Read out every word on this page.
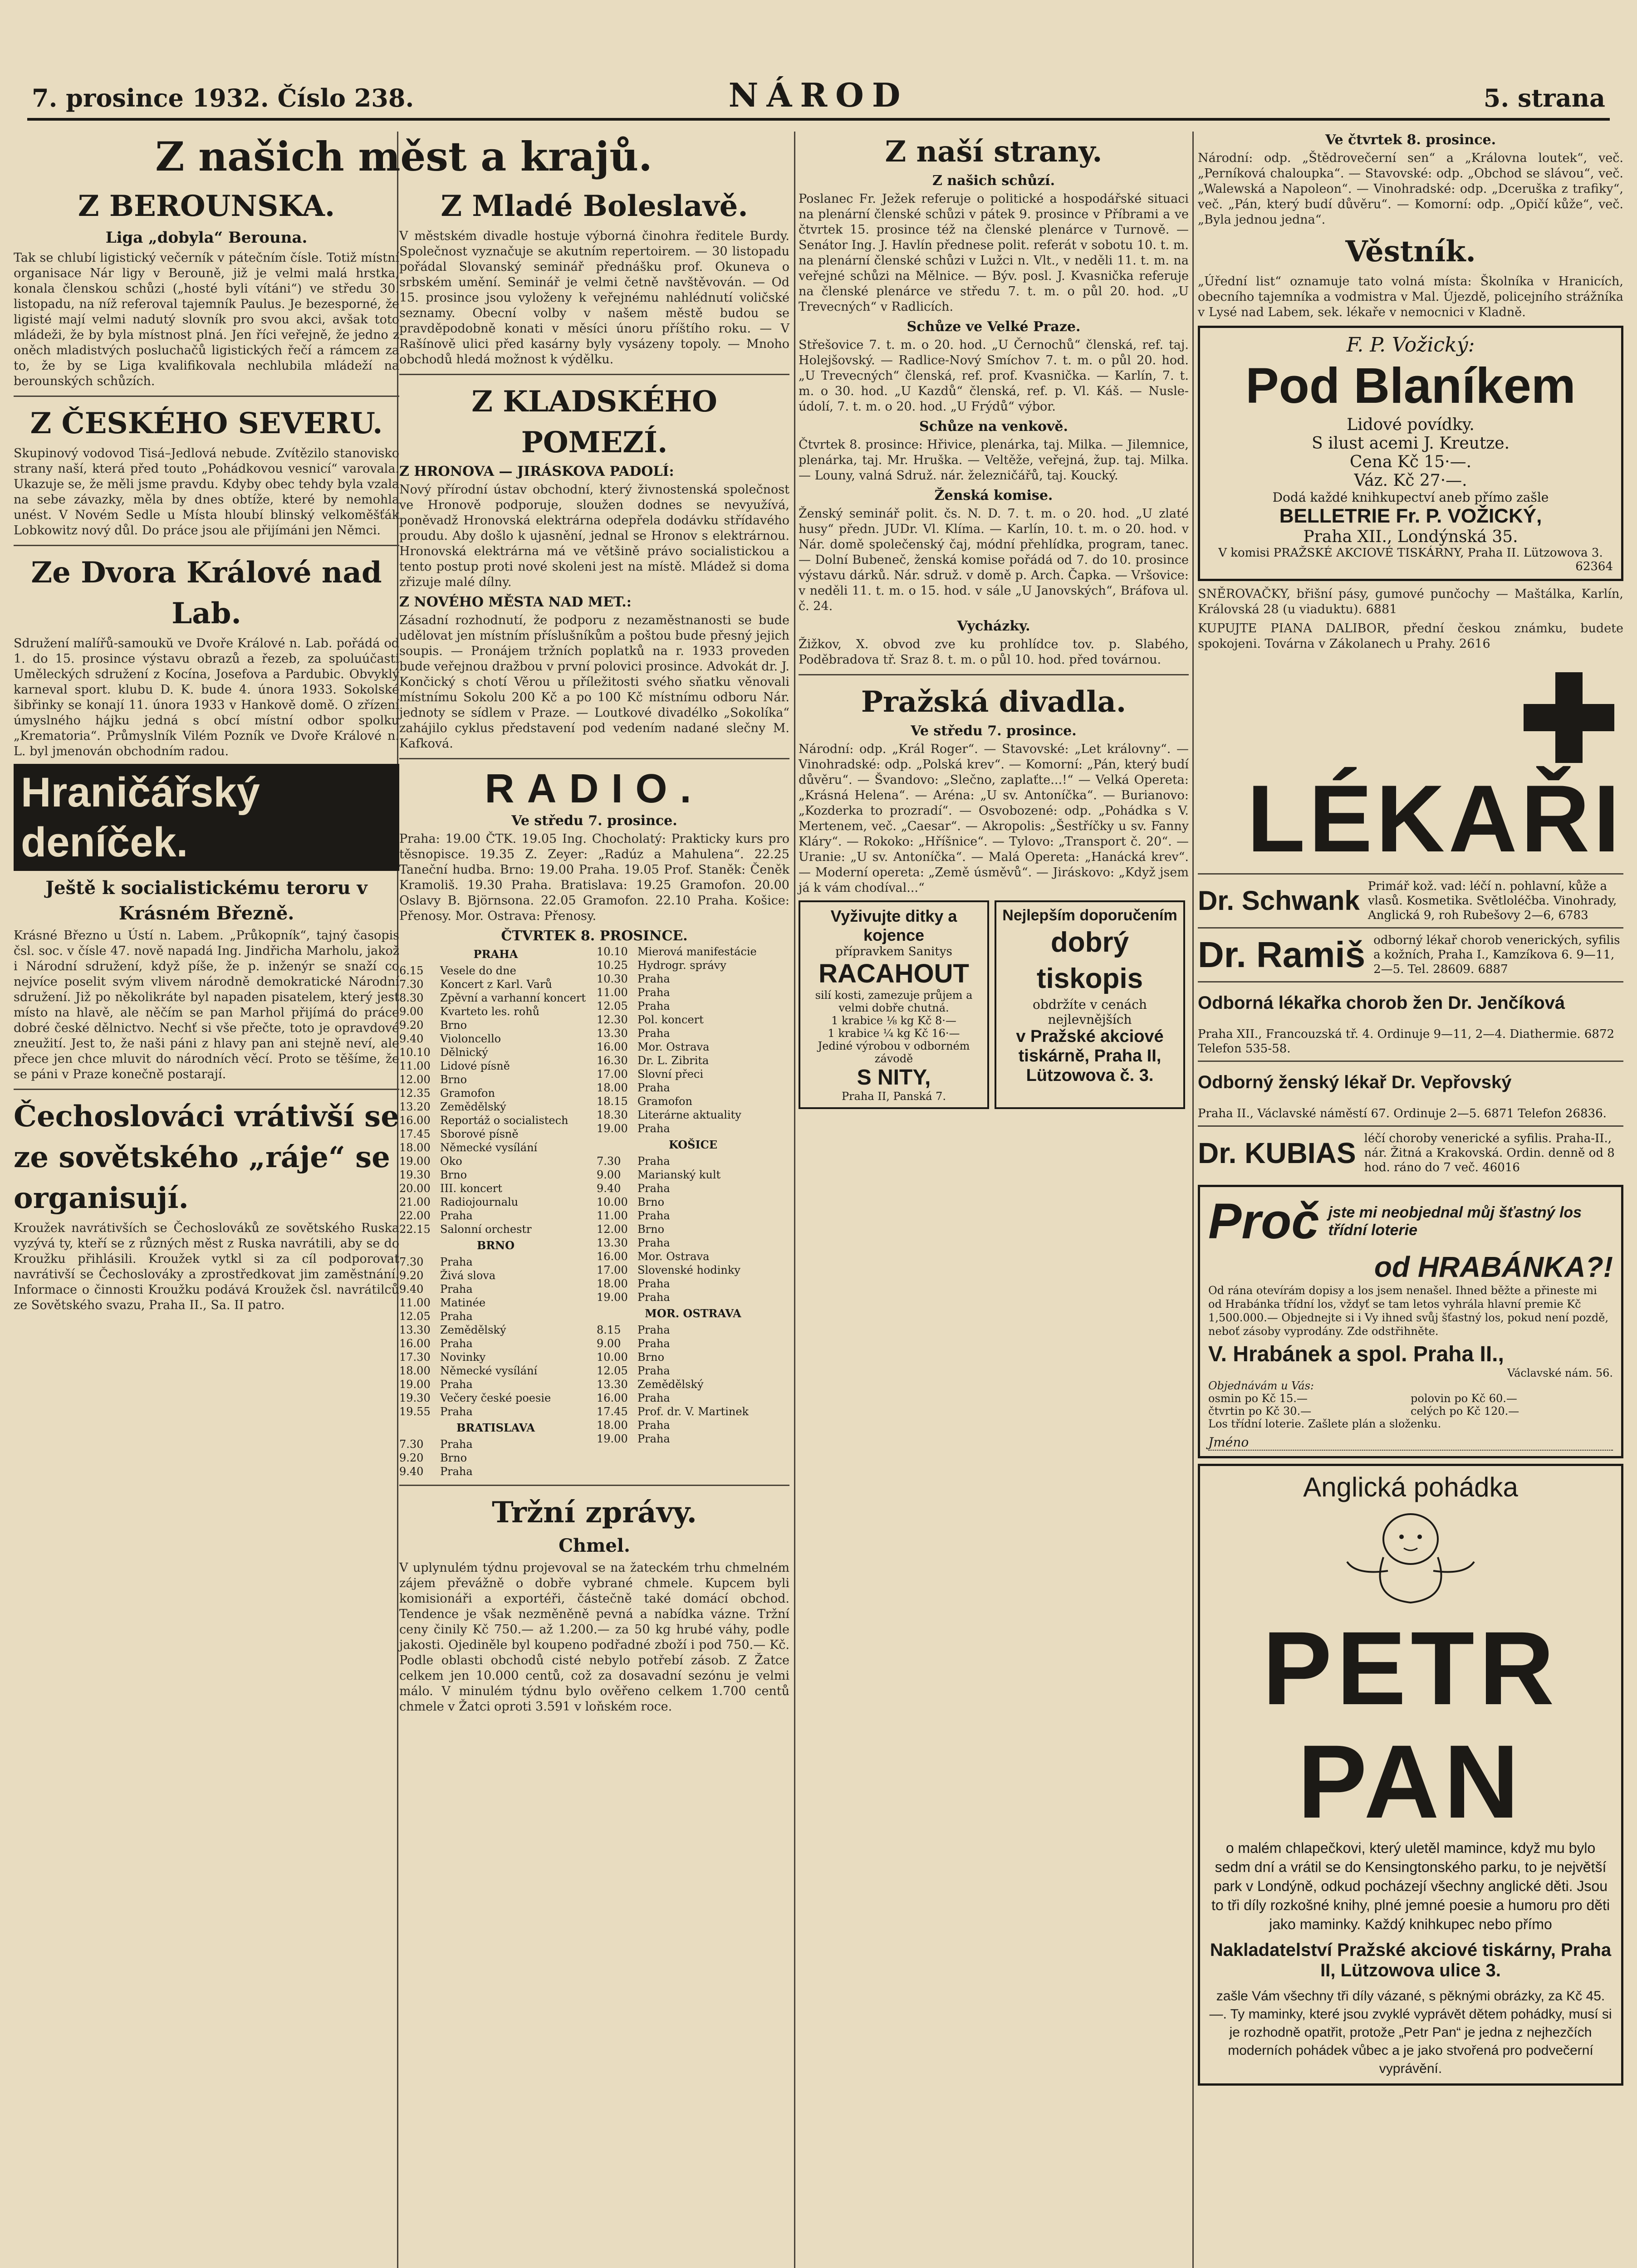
7. prosince 1932. Číslo 238.	NÁROD	5. strana
Z našich měst a krajů.
Z BEROUNSKA.
Liga „dobyla“ Berouna.
Tak se chlubí ligistický večerník v pátečním čísle. Totiž místní organisace Nár ligy v Berouně, již je velmi malá hrstka, konala členskou schůzi („hosté byli vítáni“) ve středu 30. listopadu, na níž referoval tajemník Paulus. Je bezesporné, že ligisté mají velmi nadutý slovník pro svou akci, avšak toto mládeži, že by byla místnost plná. Jen říci veřejně, že jedno z oněch mladistvých posluchačů ligistických řečí a rámcem za to, že by se Liga kvalifikovala nechlubila mládeží na berounských schůzích.
Z ČESKÉHO SEVERU.
Skupinový vodovod Tisá–Jedlová nebude. Zvítězilo stanovisko strany naší, která před touto „Pohádkovou vesnicí“ varovala. Ukazuje se, že měli jsme pravdu. Kdyby obec tehdy byla vzala na sebe závazky, měla by dnes obtíže, které by nemohla unést. V Novém Sedle u Místa hloubí blinský velkoměšťák Lobkowitz nový důl. Do práce jsou ale přijímáni jen Němci.
Ze Dvora Králové nad Lab.
Sdružení malířů-samoukŭ ve Dvoře Králové n. Lab. pořádá od 1. do 15. prosince výstavu obrazů a řezeb, za spoluúčasti Uměleckých sdružení z Kocína, Josefova a Pardubic. Obvyklý karneval sport. klubu D. K. bude 4. února 1933. Sokolské šibřinky se konají 11. února 1933 v Hankově domě. O zřízení úmyslného hájku jedná s obcí místní odbor spolku „Krematoria“. Průmyslník Vilém Pozník ve Dvoře Králové n. L. byl jmenován obchodním radou.
Hraničářský deníček.
Ještě k socialistickému teroru v Krásném Březně.
Krásné Březno u Ústí n. Labem. „Průkopník“, tajný časopis čsl. soc. v čísle 47. nově napadá Ing. Jindřicha Marholu, jakož i Národní sdružení, když píše, že p. inženýr se snaží co nejvíce poselit svým vlivem národně demokratické Národní sdružení. Již po několikráte byl napaden pisatelem, který jest místo na hlavě, ale něčím se pan Marhol přijímá do práce dobré české dělnictvo. Nechť si vše přečte, toto je opravdové zneužití. Jest to, že naši páni z hlavy pan ani stejně neví, ale přece jen chce mluvit do národních věcí. Proto se těšíme, že se páni v Praze konečně postarají.
Čechoslováci vrátivší se ze sovětského „ráje“ se organisují.
Kroužek navrátivších se Čechoslováků ze sovětského Ruska vyzývá ty, kteří se z různých měst z Ruska navrátili, aby se do Kroužku přihlásili. Kroužek vytkl si za cíl podporovat navrátivší se Čechoslováky a zprostředkovat jim zaměstnání. Informace o činnosti Kroužku podává Kroužek čsl. navrátilců ze Sovětského svazu, Praha II., Sa. II patro.
Z Mladé Boleslavě.
V městském divadle hostuje výborná činohra ředitele Burdy. Společnost vyznačuje se akutním repertoirem. — 30 listopadu pořádal Slovanský seminář přednášku prof. Okuneva o srbském umění. Seminář je velmi četně navštěvován. — Od 15. prosince jsou vyloženy k veřejnému nahlédnutí voličské seznamy. Obecní volby v našem městě budou se pravděpodobně konati v měsíci únoru příštího roku. — V Rašínově ulici před kasárny byly vysázeny topoly. — Mnoho obchodů hledá možnost k výdělku.
Z KLADSKÉHO POMEZÍ.
Z HRONOVA — JIRÁSKOVA PADOLÍ:
Nový přírodní ústav obchodní, který živnostenská společnost ve Hronově podporuje, sloužen dodnes se nevyužívá, poněvadž Hronovská elektrárna odepřela dodávku střídavého proudu. Aby došlo k ujasnění, jednal se Hronov s elektrárnou. Hronovská elektrárna má ve většině právo socialistickou a tento postup proti nové skoleni jest na místě. Mládež si doma zřizuje malé dílny.
Z NOVÉHO MĚSTA NAD MET.:
Zásadní rozhodnutí, že podporu z nezaměstnanosti se bude udělovat jen místním příslušníkům a poštou bude přesný jejich soupis. — Pronájem tržních poplatků na r. 1933 proveden bude veřejnou dražbou v první polovici prosince. Advokát dr. J. Končický s chotí Věrou u příležitosti svého sňatku věnovali místnímu Sokolu 200 Kč a po 100 Kč místnímu odboru Nár. jednoty se sídlem v Praze. — Loutkové divadélko „Sokolíka“ zahájilo cyklus představení pod vedením nadané slečny M. Kafková.
RADIO.
Ve středu 7. prosince.
Praha: 19.00 ČTK. 19.05 Ing. Chocholatý: Prakticky kurs pro těsnopisce. 19.35 Z. Zeyer: „Radúz a Mahulena“. 22.25 Taneční hudba. Brno: 19.00 Praha. 19.05 Prof. Staněk: Čeněk Kramoliš. 19.30 Praha. Bratislava: 19.25 Gramofon. 20.00 Oslavy B. Björnsona. 22.05 Gramofon. 22.10 Praha. Košice: Přenosy. Mor. Ostrava: Přenosy.
ČTVRTEK 8. PROSINCE.
PRAHA
6.15	Vesele do dne
7.30	Koncert z Karl. Varů
8.30	Zpěvní a varhanní koncert
9.00	Kvarteto les. rohů
9.20	Brno
9.40	Violoncello
10.10 Dělnický
11.00 Lidové písně
12.00 Brno
12.35 Gramofon
13.20 Zemědělský
16.00 Reportáž o socialistech
17.45 Sborové písně
18.00 Německé vysílání
19.00 Oko
19.30 Brno
20.00 III. koncert
21.00 Radiojournalu
22.00 Praha
22.15 Salonní orchestr
BRNO
7.30	Praha
9.20	Živá slova
9.40	Praha
11.00 Matinée
12.05 Praha
13.30 Zemědělský
16.00 Praha
17.30 Novinky
18.00 Německé vysílání
19.00 Praha
19.30 Večery české poesie
19.55 Praha
BRATISLAVA
7.30	Praha
9.20	Brno
9.40	Praha
10.10 Mierová manifestácie
10.25 Hydrogr. správy
10.30 Praha
11.00 Praha
12.05 Praha
12.30 Pol. koncert
13.30 Praha
16.00 Mor. Ostrava
16.30 Dr. L. Zibrita
17.00 Slovní přeci
18.00 Praha
18.15 Gramofon
18.30 Literárne aktuality
19.00 Praha
KOŠICE
7.30	Praha
9.00	Marianský kult
9.40	Praha
10.00 Brno
11.00 Praha
12.00 Brno
13.30 Praha
16.00 Mor. Ostrava
17.00 Slovenské hodinky
18.00 Praha
19.00 Praha
MOR. OSTRAVA
8.15	Praha
9.00	Praha
10.00 Brno
12.05 Praha
13.30 Zemědělský
16.00 Praha
17.45 Prof. dr. V. Martinek
18.00 Praha
19.00 Praha
Tržní zprávy.
Chmel.
V uplynulém týdnu projevoval se na žateckém trhu chmelném zájem převážně o dobře vybrané chmele. Kupcem byli komisionáři a exportéři, částečně také domácí obchod. Tendence je však nezměněně pevná a nabídka vázne. Tržní ceny činily Kč 750.— až 1.200.— za 50 kg hrubé váhy, podle jakosti. Ojediněle byl koupeno podřadné zboží i pod 750.— Kč. Podle oblasti obchodů cisté nebylo potřebí zásob. Z Žatce celkem jen 10.000 centů, což za dosavadní sezónu je velmi málo. V minulém týdnu bylo ověřeno celkem 1.700 centů chmele v Žatci oproti 3.591 v loňském roce.
Z naší strany.
Z našich schůzí.
Poslanec Fr. Ježek referuje o politické a hospodářské situaci na plenární členské schůzi v pátek 9. prosince v Příbrami a ve čtvrtek 15. prosince též na členské plenárce v Turnově. — Senátor Ing. J. Havlín přednese polit. referát v sobotu 10. t. m. na plenární členské schůzi v Lužci n. Vlt., v neděli 11. t. m. na veřejné schůzi na Mělnice. — Býv. posl. J. Kvasnička referuje na členské plenárce ve středu 7. t. m. o půl 20. hod. „U Trevecných“ v Radlicích.
Schůze ve Velké Praze.
Střešovice 7. t. m. o 20. hod. „U Černochů“ členská, ref. taj. Holejšovský. — Radlice-Nový Smíchov 7. t. m. o půl 20. hod. „U Trevecných“ členská, ref. prof. Kvasnička. — Karlín, 7. t. m. o 30. hod. „U Kazdů“ členská, ref. p. Vl. Káš. — Nusle-údolí, 7. t. m. o 20. hod. „U Frýdů“ výbor.
Schůze na venkově.
Čtvrtek 8. prosince: Hřivice, plenárka, taj. Milka. — Jilemnice, plenárka, taj. Mr. Hruška. — Veltěže, veřejná, žup. taj. Milka. — Louny, valná Sdruž. nár. železničářů, taj. Koucký.
Ženská komise.
Ženský seminář polit. čs. N. D. 7. t. m. o 20. hod. „U zlaté husy“ předn. JUDr. Vl. Klíma. — Karlín, 10. t. m. o 20. hod. v Nár. domě společenský čaj, módní přehlídka, program, tanec. — Dolní Bubeneč, ženská komise pořádá od 7. do 10. prosince výstavu dárků. Nár. sdruž. v domě p. Arch. Čapka. — Vršovice: v neděli 11. t. m. o 15. hod. v sále „U Janovských“, Bráfova ul. č. 24.
Vycházky.
Žižkov, X. obvod zve ku prohlídce tov. p. Slabého, Poděbradova tř. Sraz 8. t. m. o půl 10. hod. před továrnou.
Pražská divadla.
Ve středu 7. prosince.
Národní: odp. „Král Roger“. — Stavovské: „Let královny“. — Vinohradské: odp. „Polská krev“. — Komorní: „Pán, který budí důvěru“. — Švandovo: „Slečno, zaplaťte...!“ — Velká Opereta: „Krásná Helena“. — Aréna: „U sv. Antoníčka“. — Burianovo: „Kozderka to prozradí“. — Osvobozené: odp. „Pohádka s V. Mertenem, več. „Caesar“. — Akropolis: „Šestříčky u sv. Fanny Kláry“. — Rokoko: „Hříšnice“. — Tylovo: „Transport č. 20“. — Uranie: „U sv. Antoníčka“. — Malá Opereta: „Hanácká krev“. — Moderní opereta: „Země úsměvů“. — Jiráskovo: „Když jsem já k vám chodíval...“
Vyživujte ditky a kojence
přípravkem Sanitys
RACAHOUT
silí kosti, zamezuje průjem a velmi dobře chutná.
1 krabice ⅛ kg Kč 8·—
1 krabice ¼ kg Kč 16·—
Jediné výrobou v odborném závodě
S NITY,
Praha II, Panská 7.
Nejlepším doporučením
dobrý tiskopis
obdržíte v cenách nejlevnějších
v Pražské akciové tiskárně, Praha II, Lützowova č. 3.
Ve čtvrtek 8. prosince.
Národní: odp. „Štědrovečerní sen“ a „Královna loutek“, več. „Perníková chaloupka“. — Stavovské: odp. „Obchod se slávou“, več. „Walewská a Napoleon“. — Vinohradské: odp. „Dceruška z trafiky“, več. „Pán, který budí důvěru“. — Komorní: odp. „Opičí kůže“, več. „Byla jednou jedna“.
Věstník.
„Úřední list“ oznamuje tato volná místa: Školníka v Hranicích, obecního tajemníka a vodmistra v Mal. Újezdě, policejního strážníka v Lysé nad Labem, sek. lékaře v nemocnici v Kladně.
F. P. Vožický:
Pod Blaníkem
Lidové povídky.
S ilust acemi J. Kreutze.
Cena Kč 15·—.
Váz. Kč 27·—.
Dodá každé knihkupectví aneb přímo zašle
BELLETRIE Fr. P. VOŽICKÝ,
Praha XII., Londýnská 35.
V komisi PRAŽSKÉ AKCIOVÉ TISKÁRNY, Praha II. Lützowova 3.
62364
SNĚROVAČKY, břišní pásy, gumové punčochy — Maštálka, Karlín, Královská 28 (u viaduktu). 6881
KUPUJTE PIANA DALIBOR, přední českou známku, budete spokojeni. Továrna v Zákolanech u Prahy. 2616
LÉKAŘI
Dr. Schwank Primář kož. vad: léčí n. pohlavní, kůže a vlasů. Kosmetika. Světloléčba. Vinohrady, Anglická 9, roh Rubešovy 2—6, 6783
Dr. Ramiš odborný lékař chorob venerických, syfilis a kožních, Praha I., Kamzíkova 6. 9—11, 2—5. Tel. 28609. 6887
Odborná lékařka chorob žen Dr. Jenčíková
Praha XII., Francouzská tř. 4. Ordinuje 9—11, 2—4. Diathermie. 6872 Telefon 535-58.
Odborný ženský lékař Dr. Vepřovský
Praha II., Václavské náměstí 67. Ordinuje 2—5. 6871 Telefon 26836.
Dr. KUBIAS léčí choroby venerické a syfilis. Praha-II., nár. Žitná a Krakovská. Ordin. denně od 8 hod. ráno do 7 več. 46016
Proč jste mi neobjednal můj šťastný los třídní loterie
od HRABÁNKA?!
Od rána otevírám dopisy a los jsem nenašel. Ihned běžte a přineste mi od Hrabánka třídní los, vždyť se tam letos vyhrála hlavní premie Kč 1,500.000.— Objednejte si i Vy ihned svůj šťastný los, pokud není pozdě, neboť zásoby vyprodány. Zde odstřihněte.
V. Hrabánek a spol. Praha II.,
Václavské nám. 56.
Objednávám u Vás:
osmin po Kč 15.—	polovin po Kč 60.—
čtvrtin po Kč 30.—	celých po Kč 120.—
Los třídní loterie. Zašlete plán a složenku.
Jméno
Anglická pohádka
PETR PAN
o malém chlapečkovi, který uletěl mamince, když mu bylo sedm dní a vrátil se do Kensingtonského parku, to je největší park v Londýně, odkud pocházejí všechny anglické děti. Jsou to tři díly rozkošné knihy, plné jemné poesie a humoru pro děti jako maminky. Každý knihkupec nebo přímo
Nakladatelství Pražské akciové tiskárny, Praha II, Lützowova ulice 3.
zašle Vám všechny tři díly vázané, s pěknými obrázky, za Kč 45.—. Ty maminky, které jsou zvyklé vyprávět dětem pohádky, musí si je rozhodně opatřit, protože „Petr Pan“ je jedna z nejhezčích moderních pohádek vůbec a je jako stvořená pro podvečerní vyprávění.
